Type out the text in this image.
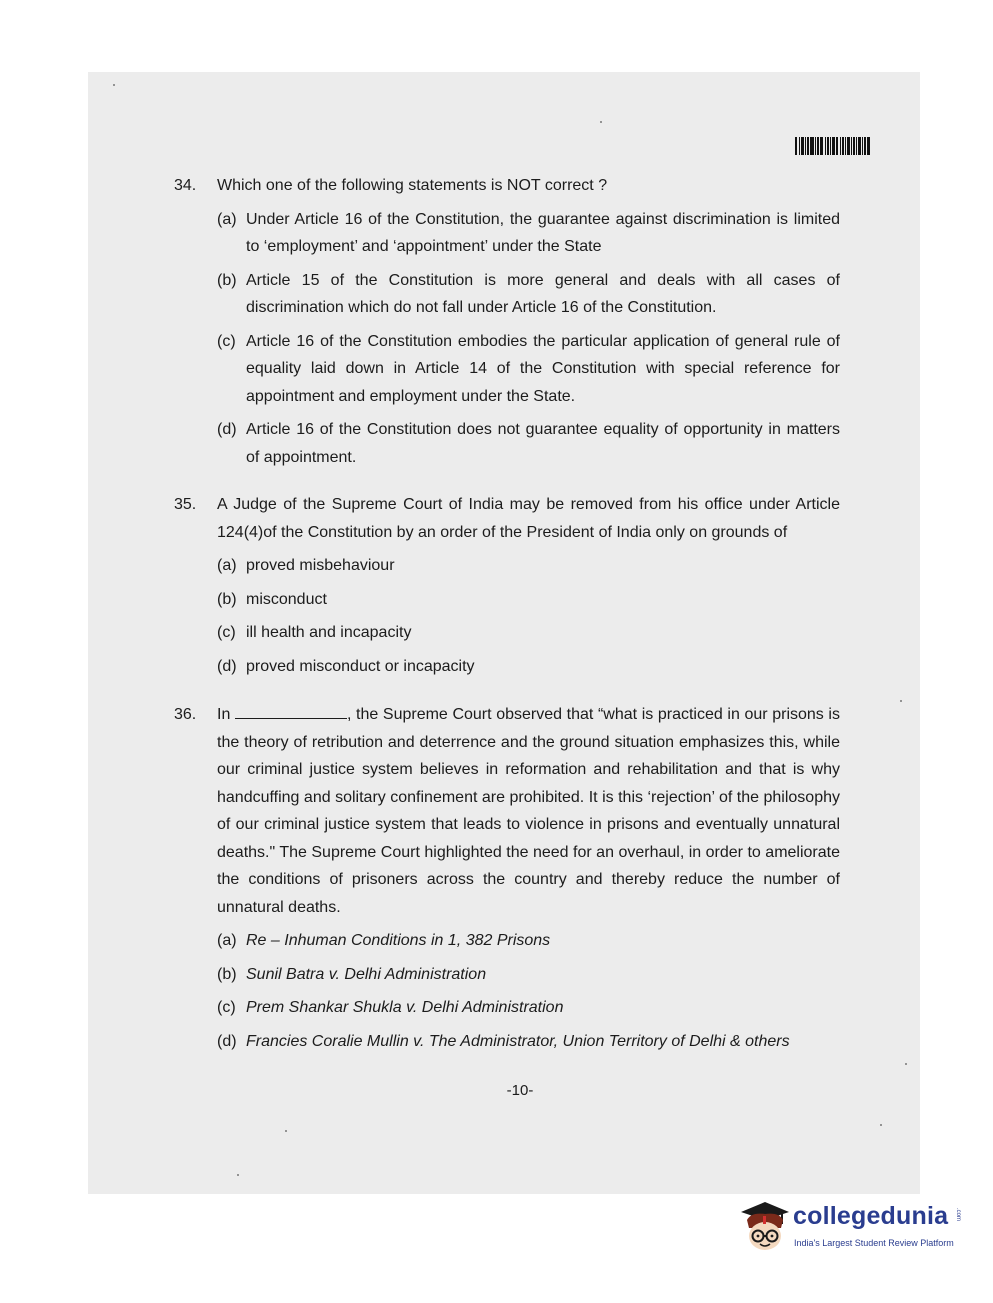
34. Which one of the following statements is NOT correct ?
(a) Under Article 16 of the Constitution, the guarantee against discrimination is limited to ‘employment’ and ‘appointment’ under the State
(b) Article 15 of the Constitution is more general and deals with all cases of discrimination which do not fall under Article 16 of the Constitution.
(c) Article 16 of the Constitution embodies the particular application of general rule of equality laid down in Article 14 of the Constitution with special reference for appointment and employment under the State.
(d) Article 16 of the Constitution does not guarantee equality of opportunity in matters of appointment.
35. A Judge of the Supreme Court of India may be removed from his office under Article 124(4)of the Constitution by an order of the President of India only on grounds of
(a) proved misbehaviour
(b) misconduct
(c) ill health and incapacity
(d) proved misconduct or incapacity
36. In	, the Supreme Court observed that “what is practiced in our prisons is the theory of retribution and deterrence and the ground situation emphasizes this, while our criminal justice system believes in reformation and rehabilitation and that is why handcuffing and solitary confinement are prohibited. It is this ‘rejection’ of the philosophy of our criminal justice system that leads to violence in prisons and eventually unnatural deaths." The Supreme Court highlighted the need for an overhaul, in order to ameliorate the conditions of prisoners across the country and thereby reduce the number of unnatural deaths.
(a) Re – Inhuman Conditions in 1, 382 Prisons
(b) Sunil Batra v. Delhi Administration
(c) Prem Shankar Shukla v. Delhi Administration
(d) Francies Coralie Mullin v. The Administrator, Union Territory of Delhi & others
-10-
collegedunia .com
India's Largest Student Review Platform
